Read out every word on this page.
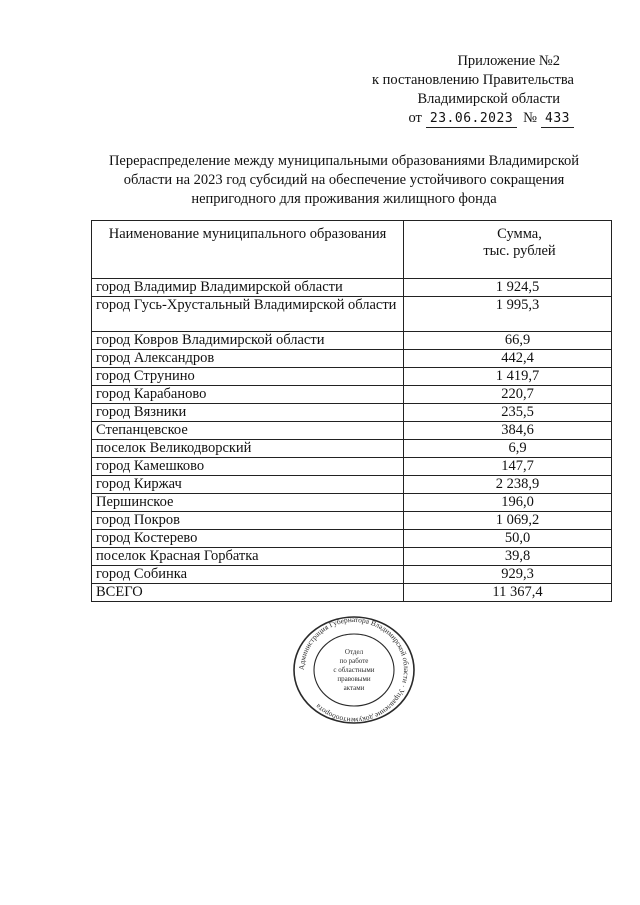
Приложение №2
к постановлению Правительства
Владимирской области
от 23.06.2023 № 433
Перераспределение между муниципальными образованиями Владимирской
области на 2023 год субсидий на обеспечение устойчивого сокращения
непригодного для проживания жилищного фонда
Наименование муниципального образования	Сумма,
тыс. рублей

город Владимир Владимирской области	1 924,5
город Гусь-Хрустальный Владимирской области	1 995,3
город Ковров Владимирской области	66,9
город Александров	442,4
город Струнино	1 419,7
город Карабаново	220,7
город Вязники	235,5
Степанцевское	384,6
поселок Великодворский	6,9
город Камешково	147,7
город Киржач	2 238,9
Першинское	196,0
город Покров	1 069,2
город Костерево	50,0
поселок Красная Горбатка	39,8
город Собинка	929,3
ВСЕГО	11 367,4
Администрация Губернатора Владимирской области · Управление документооборота
Отдел
по работе
с областными
правовыми
актами
